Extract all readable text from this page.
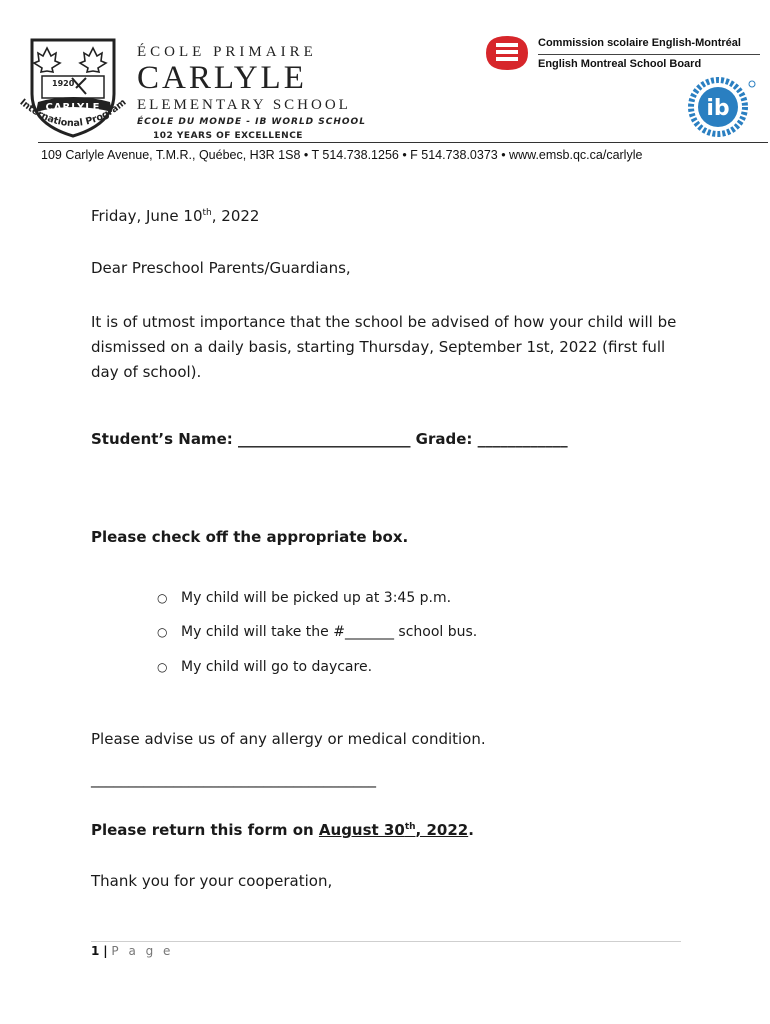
1920
CARLYLE
International Program
ÉCOLE PRIMAIRE
CARLYLE
ELEMENTARY SCHOOL
ÉCOLE DU MONDE - IB WORLD SCHOOL
102 YEARS OF EXCELLENCE
Commission scolaire English-Montréal
English Montreal School Board
ib
109 Carlyle Avenue, T.M.R., Québec, H3R 1S8 • T 514.738.1256 • F 514.738.0373 • www.emsb.qc.ca/carlyle
Friday, June 10th, 2022
Dear Preschool Parents/Guardians,
It is of utmost importance that the school be advised of how your child will be dismissed on a daily basis, starting Thursday, September 1st, 2022 (first full day of school).
Student’s Name: _______________________ Grade: ____________
Please check off the appropriate box.
○ My child will be picked up at 3:45 p.m.
○ My child will take the #_______ school bus.
○ My child will go to daycare.
Please advise us of any allergy or medical condition.
______________________________________
Please return this form on August 30th, 2022.
Thank you for your cooperation,
1 | P a g e
